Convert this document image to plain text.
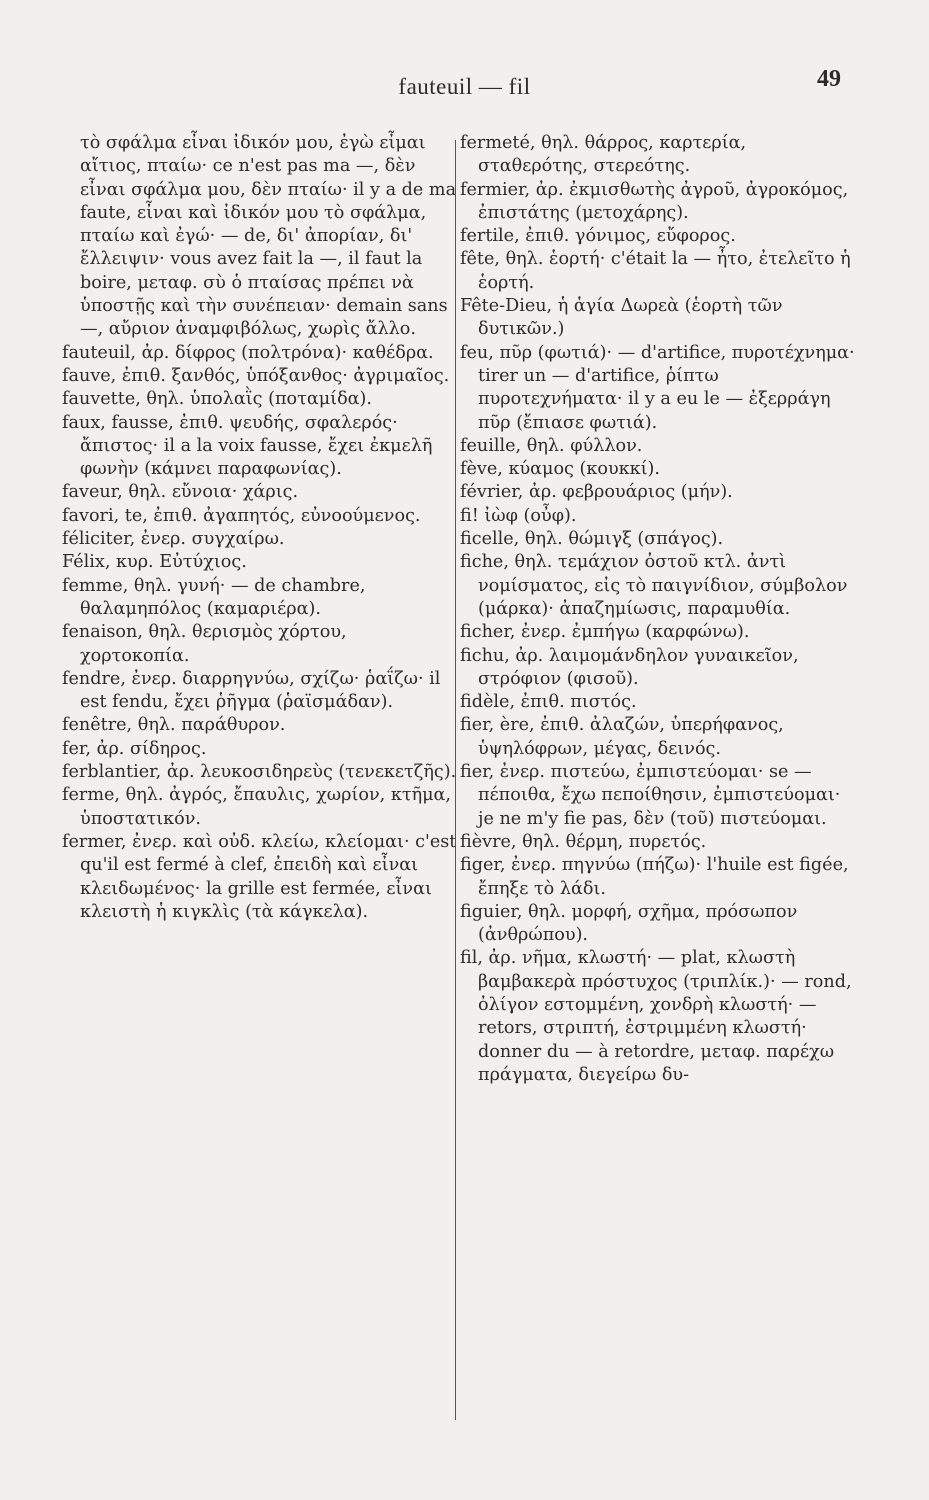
fauteuil — fil	49

τὸ σφάλμα εἶναι ἰδικόν μου, ἐγὼ εἶμαι αἴτιος, πταίω· ce n'est pas ma —, δὲν εἶναι σφάλμα μου, δὲν πταίω· il y a de ma faute, εἶναι καὶ ἰδικόν μου τὸ σφάλμα, πταίω καὶ ἐγώ· — de, δι' ἀπορίαν, δι' ἔλλειψιν· vous avez fait la —, il faut la boire, μεταφ. σὺ ὁ πταίσας πρέπει νὰ ὑποστῇς καὶ τὴν συνέπειαν· demain sans —, αὔριον ἀναμφιβόλως, χωρὶς ἄλλο.

fauteuil, ἀρ. δίφρος (πολτρόνα)· καθέδρα.

fauve, ἐπιθ. ξανθός, ὑπόξανθος· ἀγριμαῖος.

fauvette, θηλ. ὑπολαῒς (ποταμίδα).

faux, fausse, ἐπιθ. ψευδής, σφαλερός· ἄπιστος· il a la voix fausse, ἔχει ἐκμελῆ φωνὴν (κάμνει παραφωνίας).

faveur, θηλ. εὔνοια· χάρις.

favori, te, ἐπιθ. ἀγαπητός, εὐνοούμενος.

féliciter, ἐνερ. συγχαίρω.

Félix, κυρ. Εὐτύχιος.

femme, θηλ. γυνή· — de chambre, θαλαμηπόλος (καμαριέρα).

fenaison, θηλ. θερισμὸς χόρτου, χορτοκοπία.

fendre, ἐνερ. διαρρηγνύω, σχίζω· ῥαΐζω· il est fendu, ἔχει ῥῆγμα (ῥαϊσμάδαν).

fenêtre, θηλ. παράθυρον.

fer, ἀρ. σίδηρος.

ferblantier, ἀρ. λευκοσιδηρεὺς (τενεκετζῆς).

ferme, θηλ. ἀγρός, ἔπαυλις, χωρίον, κτῆμα, ὑποστατικόν.

fermer, ἐνερ. καὶ οὐδ. κλείω, κλείομαι· c'est qu'il est fermé à clef, ἐπειδὴ καὶ εἶναι κλειδωμένος· la grille est fermée, εἶναι κλειστὴ ἡ κιγκλὶς (τὰ κάγκελα).

fermeté, θηλ. θάρρος, καρτερία, σταθερότης, στερεότης.

fermier, ἀρ. ἐκμισθωτὴς ἀγροῦ, ἀγροκόμος, ἐπιστάτης (μετοχάρης).

fertile, ἐπιθ. γόνιμος, εὔφορος.

fête, θηλ. ἑορτή· c'était la — ἦτο, ἐτελεῖτο ἡ ἑορτή.

Fête-Dieu, ἡ ἁγία Δωρεὰ (ἑορτὴ τῶν δυτικῶν.)

feu, πῦρ (φωτιά)· — d'artifice, πυροτέχνημα· tirer un — d'artifice, ῥίπτω πυροτεχνήματα· il y a eu le — ἐξερράγη πῦρ (ἔπιασε φωτιά).

feuille, θηλ. φύλλον.

fève, κύαμος (κουκκί).

février, ἀρ. φεβρουάριος (μήν).

fi! ἰὼφ (οὖφ).

ficelle, θηλ. θώμιγξ (σπάγος).

fiche, θηλ. τεμάχιον ὀστοῦ κτλ. ἀντὶ νομίσματος, εἰς τὸ παιγνίδιον, σύμβολον (μάρκα)· ἀπαζημίωσις, παραμυθία.

ficher, ἐνερ. ἐμπήγω (καρφώνω).

fichu, ἀρ. λαιμομάνδηλον γυναικεῖον, στρόφιον (φισοῦ).

fidèle, ἐπιθ. πιστός.

fier, ère, ἐπιθ. ἀλαζών, ὑπερήφανος, ὑψηλόφρων, μέγας, δεινός.

fier, ἐνερ. πιστεύω, ἐμπιστεύομαι· se — πέποιθα, ἔχω πεποίθησιν, ἐμπιστεύομαι· je ne m'y fie pas, δὲν (τοῦ) πιστεύομαι.

fièvre, θηλ. θέρμη, πυρετός.

figer, ἐνερ. πηγνύω (πήζω)· l'huile est figée, ἔπηξε τὸ λάδι.

figuier, θηλ. μορφή, σχῆμα, πρόσωπον (ἀνθρώπου).

fil, ἀρ. νῆμα, κλωστή· — plat, κλωστὴ βαμβακερὰ πρόστυχος (τριπλίκ.)· — rond, ὀλίγον εστομμένη, χονδρὴ κλωστή· — retors, στριπτή, ἐστριμμένη κλωστή· donner du — à retordre, μεταφ. παρέχω πράγματα, διεγείρω δυ-
